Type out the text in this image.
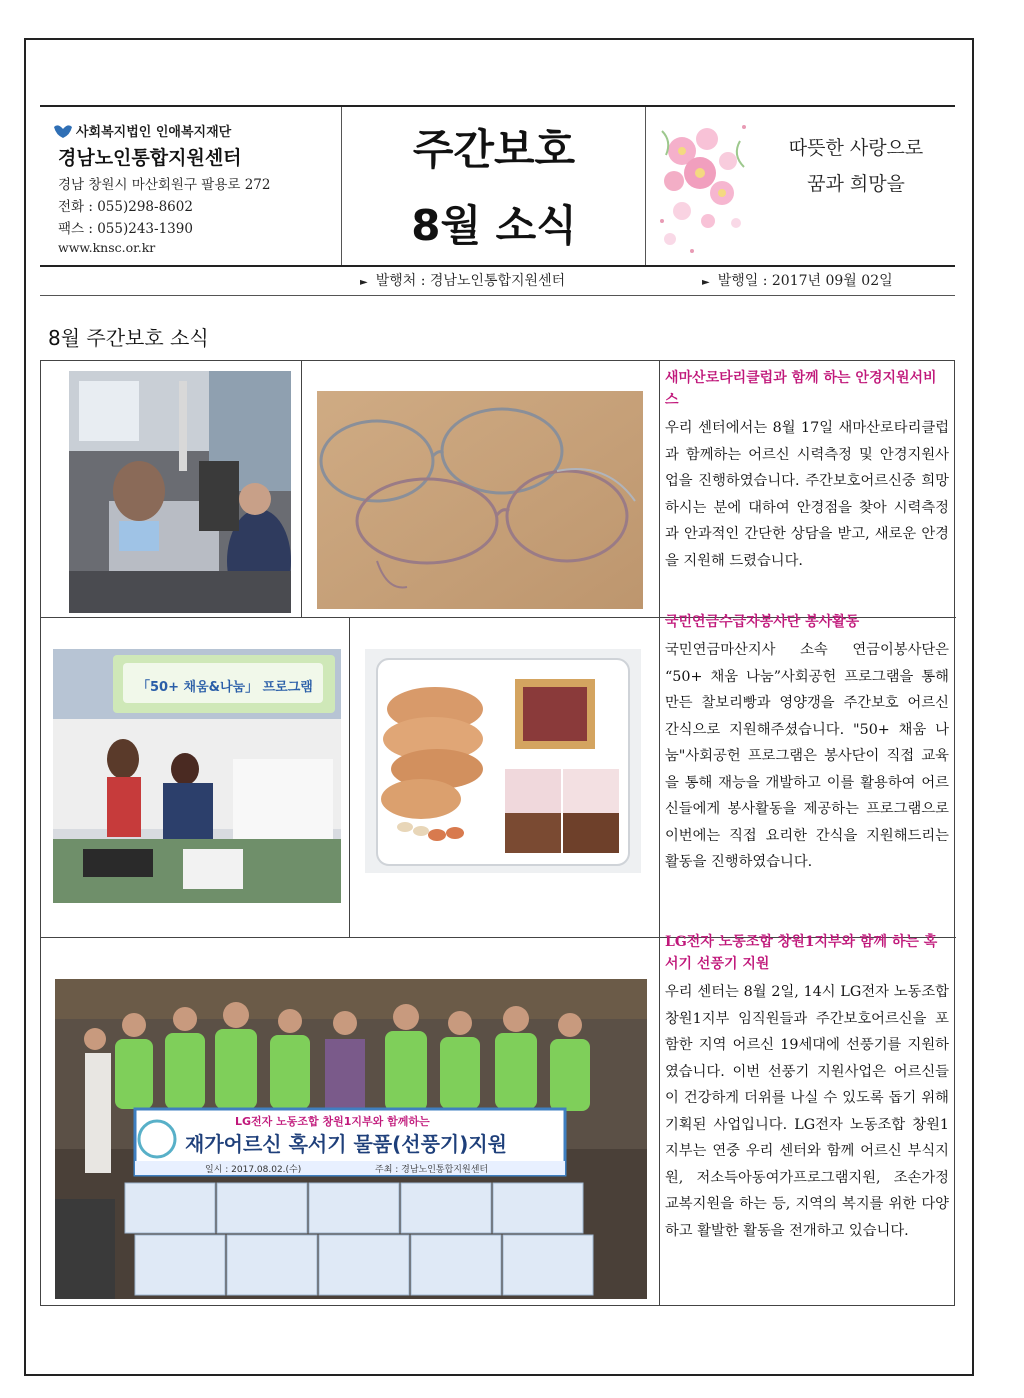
사회복지법인 인애복지재단
경남노인통합지원센터
경남 창원시 마산회원구 팔용로 272
전화 : 055)298-8602
팩스 : 055)243-1390
www.knsc.or.kr
주간보호
8월 소식
따뜻한 사랑으로
꿈과 희망을
► 발행처 : 경남노인통합지원센터	► 발행일 : 2017년 09월 02일
8월 주간보호 소식
새마산로타리클럽과 함께 하는 안경지원서비스
우리 센터에서는 8월 17일 새마산로타리클럽과 함께하는 어르신 시력측정 및 안경지원사업을 진행하였습니다. 주간보호어르신중 희망하시는 분에 대하여 안경점을 찾아 시력측정과 안과적인 간단한 상담을 받고, 새로운 안경을 지원해 드렸습니다.
「50+ 채움&나눔」 프로그램
국민연금수급자봉사단 봉사활동
국민연금마산지사 소속 연금이봉사단은 “50+ 채움 나눔”사회공헌 프로그램을 통해 만든 찰보리빵과 영양갱을 주간보호 어르신 간식으로 지원해주셨습니다. "50+ 채움 나눔"사회공헌 프로그램은 봉사단이 직접 교육을 통해 재능을 개발하고 이를 활용하여 어르신들에게 봉사활동을 제공하는 프로그램으로 이번에는 직접 요리한 간식을 지원해드리는 활동을 진행하였습니다.
LG전자 노동조합 창원1지부와 함께하는
재가어르신 혹서기 물품(선풍기)지원
일시 : 2017.08.02.(수)	주최 : 경남노인통합지원센터
LG전자 노동조합 창원1지부와 함께 하는 혹서기 선풍기 지원
우리 센터는 8월 2일, 14시 LG전자 노동조합 창원1지부 임직원들과 주간보호어르신을 포함한 지역 어르신 19세대에 선풍기를 지원하였습니다. 이번 선풍기 지원사업은 어르신들이 건강하게 더위를 나실 수 있도록 돕기 위해 기획된 사업입니다. LG전자 노동조합 창원1지부는 연중 우리 센터와 함께 어르신 부식지원, 저소득아동여가프로그램지원, 조손가정 교복지원을 하는 등, 지역의 복지를 위한 다양하고 활발한 활동을 전개하고 있습니다.
